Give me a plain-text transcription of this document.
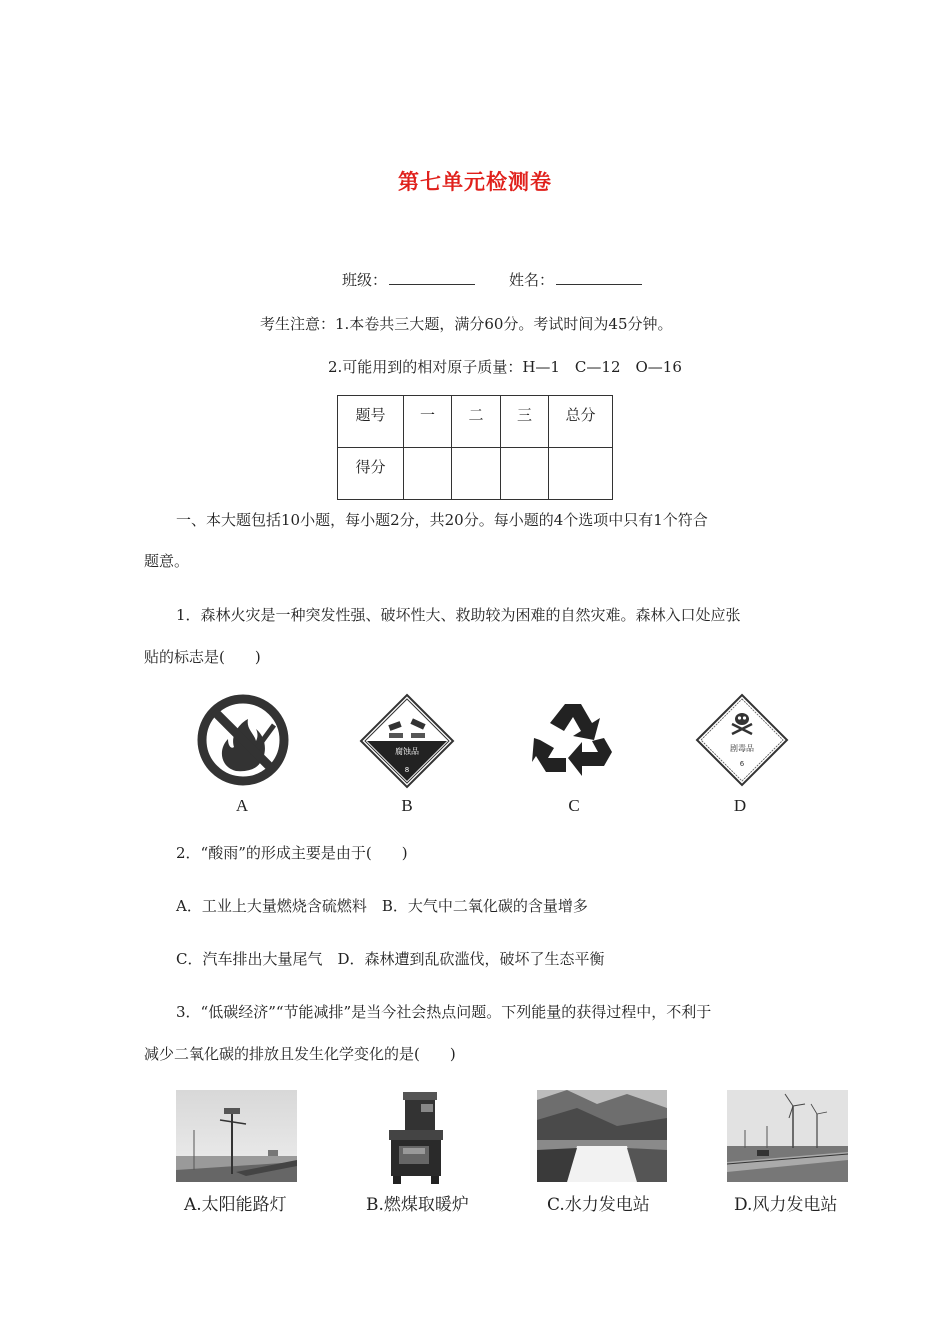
第七单元检测卷
班级：	姓名：
考生注意：1.本卷共三大题，满分60分。考试时间为45分钟。
2.可能用到的相对原子质量：H—1　C—12　O—16
题号	一	二	三	总分
得分				
一、本大题包括10小题，每小题2分，共20分。每小题的4个选项中只有1个符合
题意。
1．森林火灾是一种突发性强、破坏性大、救助较为困难的自然灾难。森林入口处应张
贴的标志是(　　)
腐蚀品
8
剧毒品
6
A	B	C	D
2．“酸雨”的形成主要是由于(　　)
A．工业上大量燃烧含硫燃料　B．大气中二氧化碳的含量增多
C．汽车排出大量尾气　D．森林遭到乱砍滥伐，破坏了生态平衡
3．“低碳经济”“节能减排”是当今社会热点问题。下列能量的获得过程中，不利于
减少二氧化碳的排放且发生化学变化的是(　　)
A.太阳能路灯	B.燃煤取暖炉	C.水力发电站	D.风力发电站
